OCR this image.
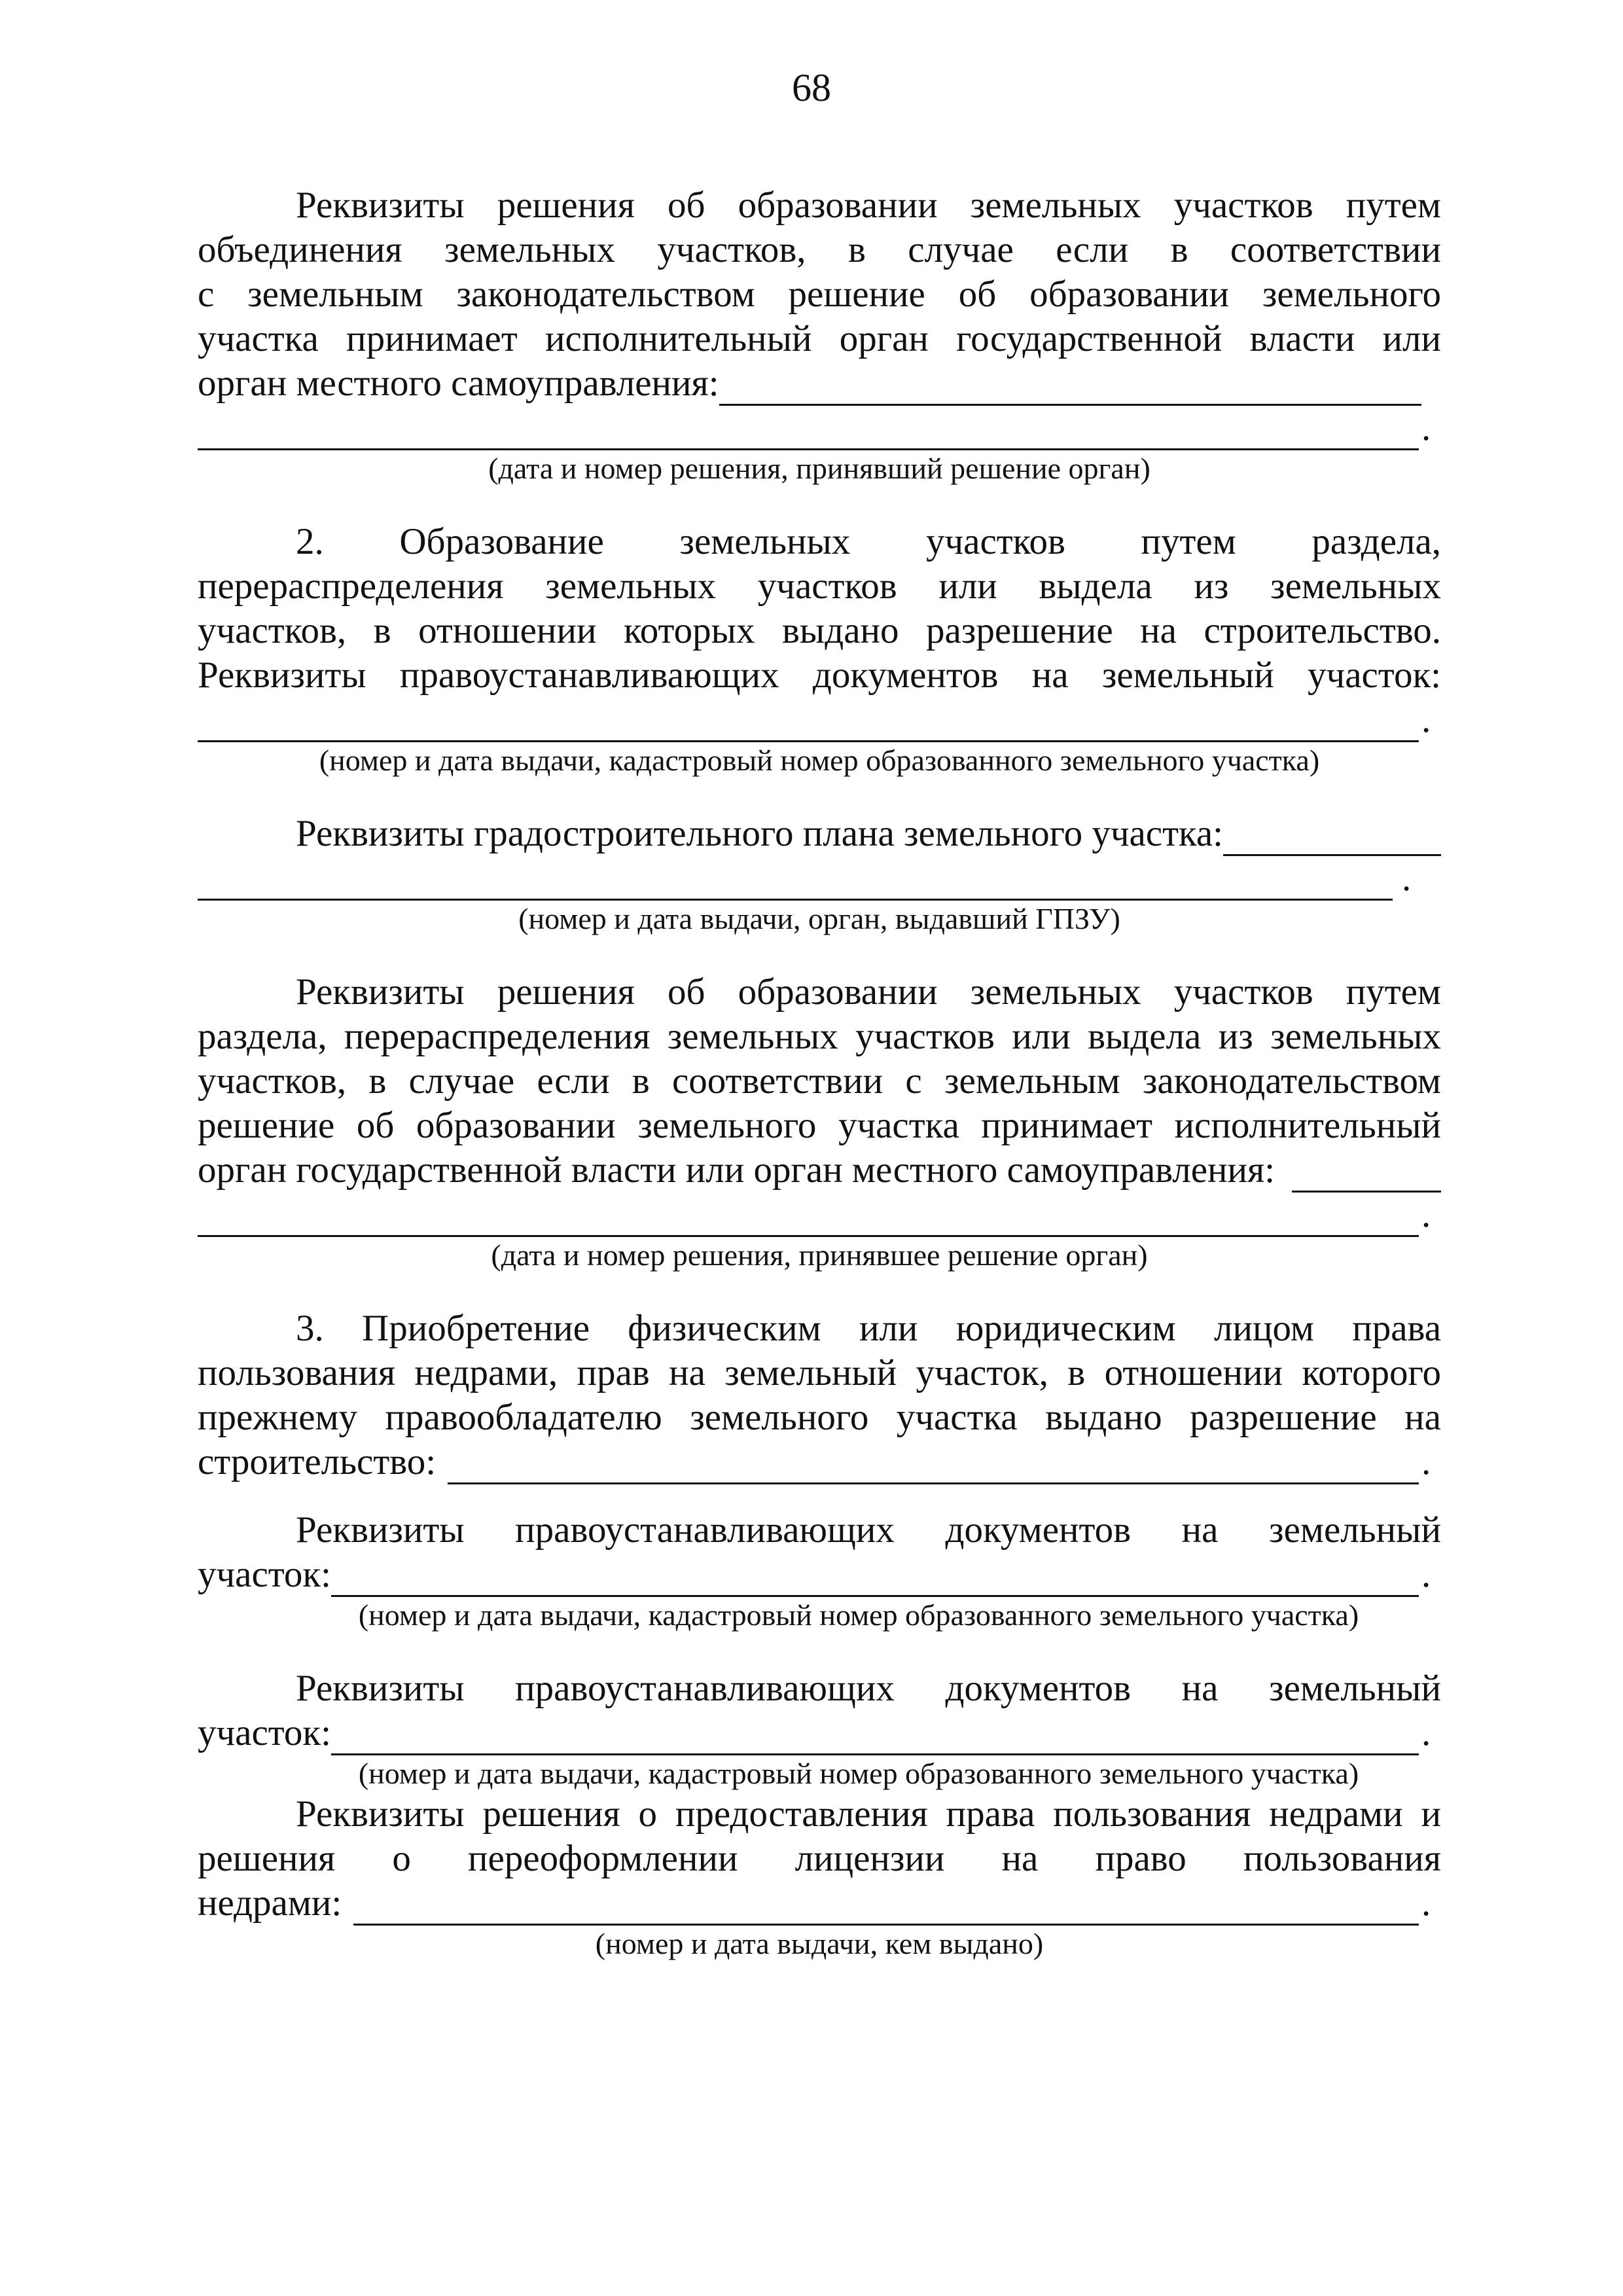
68

Реквизиты решения об образовании земельных участков путем

объединения земельных участков, в случае если в соответствии

с земельным законодательством решение об образовании земельного

участка принимает исполнительный орган государственной власти или

орган местного самоуправления:
.

(дата и номер решения, принявший решение орган)

2. Образование земельных участков путем раздела,

перераспределения земельных участков или выдела из земельных

участков, в отношении которых выдано разрешение на строительство.

Реквизиты правоустанавливающих документов на земельный участок:

.

(номер и дата выдачи, кадастровый номер образованного земельного участка)

Реквизиты градостроительного плана земельного участка:
.

(номер и дата выдачи, орган, выдавший ГПЗУ)

Реквизиты решения об образовании земельных участков путем

раздела, перераспределения земельных участков или выдела из земельных

участков, в случае если в соответствии с земельным законодательством

решение об образовании земельного участка принимает исполнительный

орган государственной власти или орган местного самоуправления:
.

(дата и номер решения, принявшее решение орган)

3. Приобретение физическим или юридическим лицом права

пользования недрами, прав на земельный участок, в отношении которого

прежнему правообладателю земельного участка выдано разрешение на

строительство:	.

Реквизиты правоустанавливающих документов на земельный

участок:	.

(номер и дата выдачи, кадастровый номер образованного земельного участка)

Реквизиты правоустанавливающих документов на земельный

участок:	.

(номер и дата выдачи, кадастровый номер образованного земельного участка)

Реквизиты решения о предоставления права пользования недрами и

решения о переоформлении лицензии на право пользования

недрами:	.

(номер и дата выдачи, кем выдано)
